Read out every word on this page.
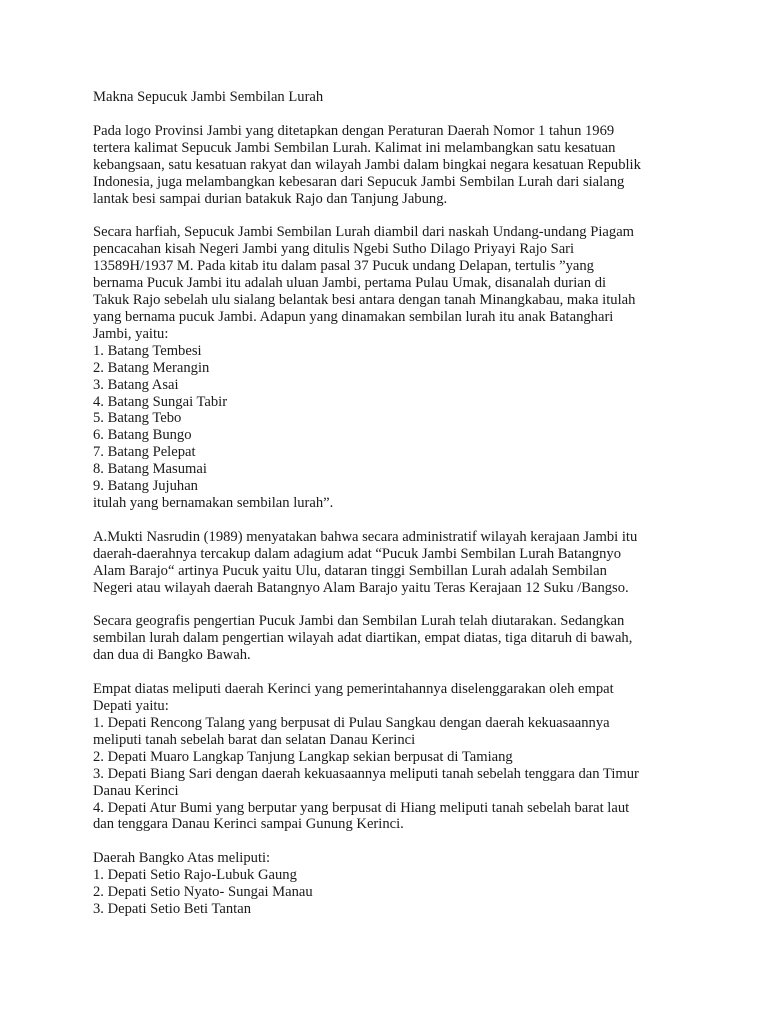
Makna Sepucuk Jambi Sembilan Lurah
Pada logo Provinsi Jambi yang ditetapkan dengan Peraturan Daerah Nomor 1 tahun 1969
tertera kalimat Sepucuk Jambi Sembilan Lurah. Kalimat ini melambangkan satu kesatuan
kebangsaan, satu kesatuan rakyat dan wilayah Jambi dalam bingkai negara kesatuan Republik
Indonesia, juga melambangkan kebesaran dari Sepucuk Jambi Sembilan Lurah dari sialang
lantak besi sampai durian batakuk Rajo dan Tanjung Jabung.
Secara harfiah, Sepucuk Jambi Sembilan Lurah diambil dari naskah Undang-undang Piagam
pencacahan kisah Negeri Jambi yang ditulis Ngebi Sutho Dilago Priyayi Rajo Sari
13589H/1937 M. Pada kitab itu dalam pasal 37 Pucuk undang Delapan, tertulis ”yang
bernama Pucuk Jambi itu adalah uluan Jambi, pertama Pulau Umak, disanalah durian di
Takuk Rajo sebelah ulu sialang belantak besi antara dengan tanah Minangkabau, maka itulah
yang bernama pucuk Jambi. Adapun yang dinamakan sembilan lurah itu anak Batanghari
Jambi, yaitu:
1. Batang Tembesi
2. Batang Merangin
3. Batang Asai
4. Batang Sungai Tabir
5. Batang Tebo
6. Batang Bungo
7. Batang Pelepat
8. Batang Masumai
9. Batang Jujuhan
itulah yang bernamakan sembilan lurah”.
A.Mukti Nasrudin (1989) menyatakan bahwa secara administratif wilayah kerajaan Jambi itu
daerah-daerahnya tercakup dalam adagium adat “Pucuk Jambi Sembilan Lurah Batangnyo
Alam Barajo“ artinya Pucuk yaitu Ulu, dataran tinggi Sembillan Lurah adalah Sembilan
Negeri atau wilayah daerah Batangnyo Alam Barajo yaitu Teras Kerajaan 12 Suku /Bangso.
Secara geografis pengertian Pucuk Jambi dan Sembilan Lurah telah diutarakan. Sedangkan
sembilan lurah dalam pengertian wilayah adat diartikan, empat diatas, tiga ditaruh di bawah,
dan dua di Bangko Bawah.
Empat diatas meliputi daerah Kerinci yang pemerintahannya diselenggarakan oleh empat
Depati yaitu:
1. Depati Rencong Talang yang berpusat di Pulau Sangkau dengan daerah kekuasaannya
meliputi tanah sebelah barat dan selatan Danau Kerinci
2. Depati Muaro Langkap Tanjung Langkap sekian berpusat di Tamiang
3. Depati Biang Sari dengan daerah kekuasaannya meliputi tanah sebelah tenggara dan Timur
Danau Kerinci
4. Depati Atur Bumi yang berputar yang berpusat di Hiang meliputi tanah sebelah barat laut
dan tenggara Danau Kerinci sampai Gunung Kerinci.
Daerah Bangko Atas meliputi:
1. Depati Setio Rajo-Lubuk Gaung
2. Depati Setio Nyato- Sungai Manau
3. Depati Setio Beti Tantan
